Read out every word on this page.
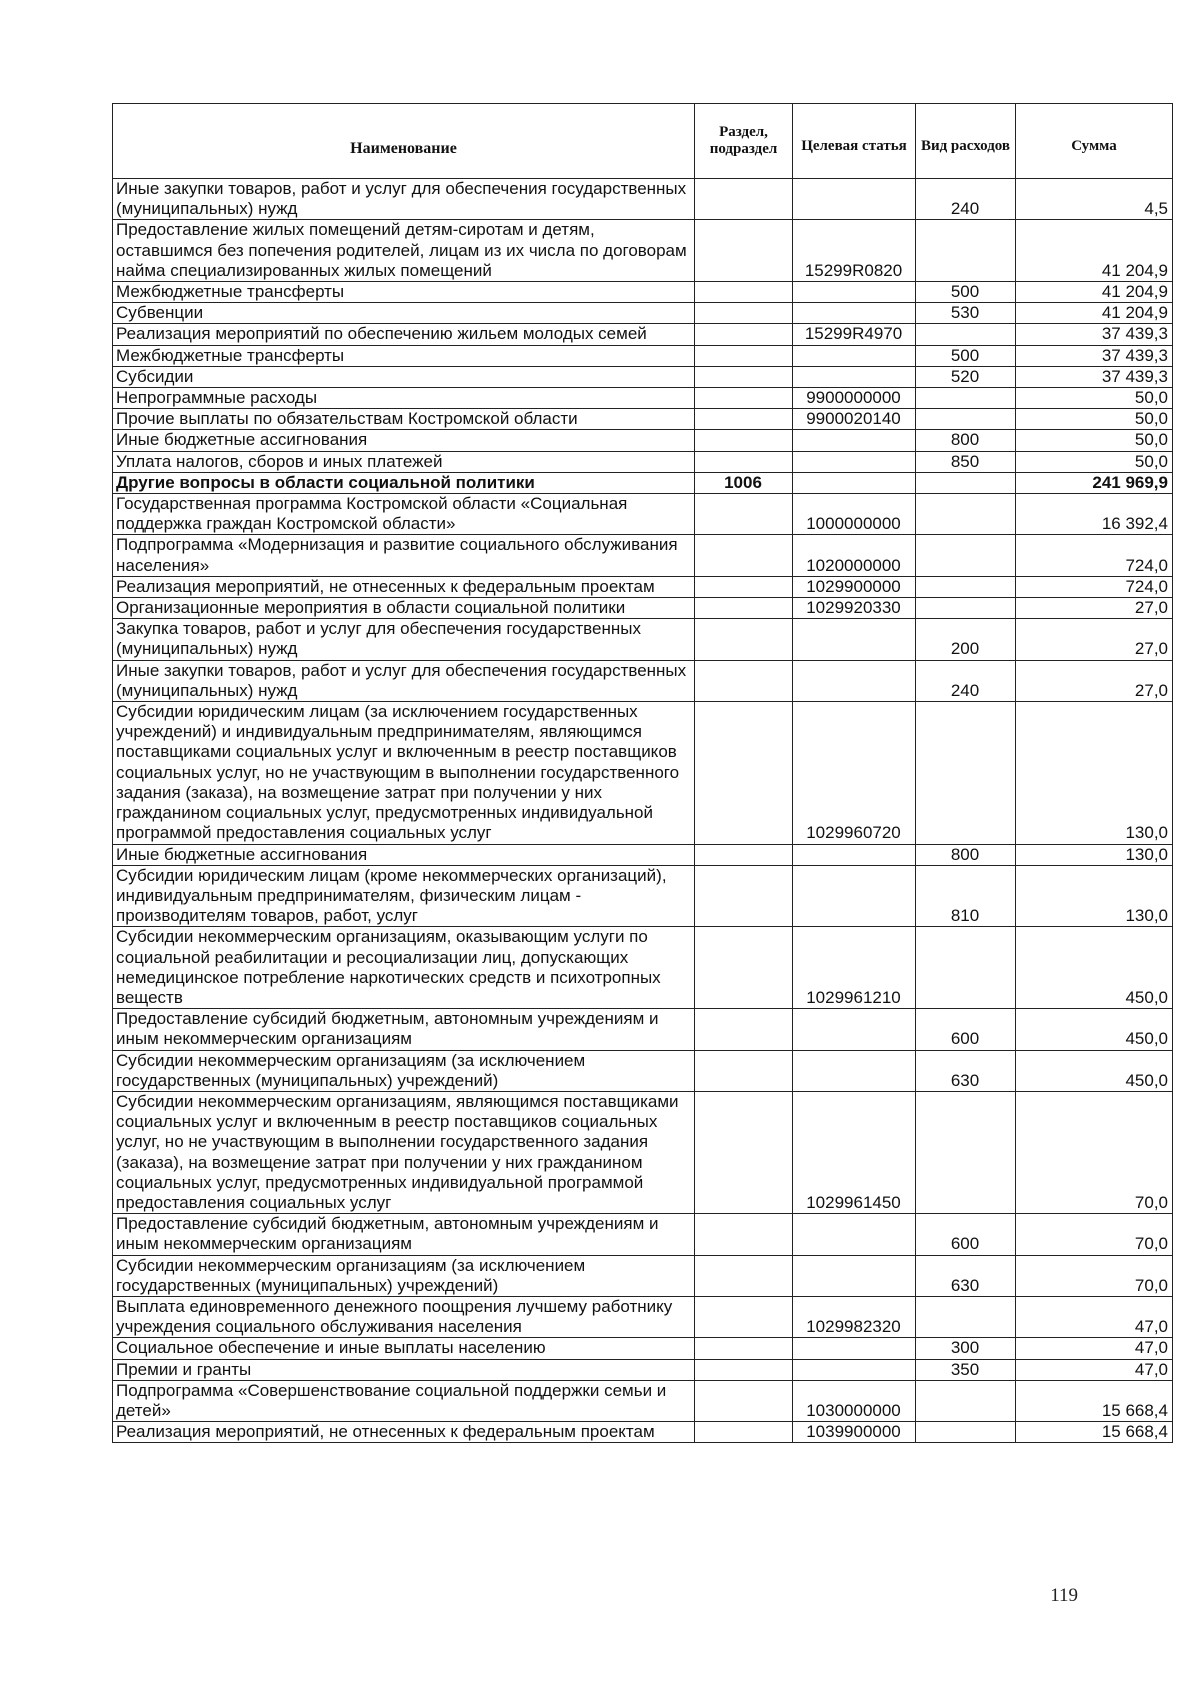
Наименование	Раздел, подраздел	Целевая статья	Вид расходов	Сумма
Иные закупки товаров, работ и услуг для обеспечения государственных (муниципальных) нужд			240	4,5
Предоставление жилых помещений детям-сиротам и детям, оставшимся без попечения родителей, лицам из их числа по договорам найма специализированных жилых помещений		15299R0820		41 204,9
Межбюджетные трансферты			500	41 204,9
Субвенции			530	41 204,9
Реализация мероприятий по обеспечению жильем молодых семей		15299R4970		37 439,3
Межбюджетные трансферты			500	37 439,3
Субсидии			520	37 439,3
Непрограммные расходы		9900000000		50,0
Прочие выплаты по обязательствам Костромской области		9900020140		50,0
Иные бюджетные ассигнования			800	50,0
Уплата налогов, сборов и иных платежей			850	50,0
Другие вопросы в области социальной политики	1006			241 969,9
Государственная программа Костромской области «Социальная поддержка граждан Костромской области»		1000000000		16 392,4
Подпрограмма «Модернизация и развитие социального обслуживания населения»		1020000000		724,0
Реализация мероприятий, не отнесенных к федеральным проектам		1029900000		724,0
Организационные мероприятия в области социальной политики		1029920330		27,0
Закупка товаров, работ и услуг для обеспечения государственных (муниципальных) нужд			200	27,0
Иные закупки товаров, работ и услуг для обеспечения государственных (муниципальных) нужд			240	27,0
Субсидии юридическим лицам (за исключением государственных учреждений) и индивидуальным предпринимателям, являющимся поставщиками социальных услуг и включенным в реестр поставщиков социальных услуг, но не участвующим в выполнении государственного задания (заказа), на возмещение затрат при получении у них гражданином социальных услуг, предусмотренных индивидуальной программой предоставления социальных услуг		1029960720		130,0
Иные бюджетные ассигнования			800	130,0
Субсидии юридическим лицам (кроме некоммерческих организаций), индивидуальным предпринимателям, физическим лицам - производителям товаров, работ, услуг			810	130,0
Субсидии некоммерческим организациям, оказывающим услуги по социальной реабилитации и ресоциализации лиц, допускающих немедицинское потребление наркотических средств и психотропных веществ		1029961210		450,0
Предоставление субсидий бюджетным, автономным учреждениям и иным некоммерческим организациям			600	450,0
Субсидии некоммерческим организациям (за исключением государственных (муниципальных) учреждений)			630	450,0
Субсидии некоммерческим организациям, являющимся поставщиками социальных услуг и включенным в реестр поставщиков социальных услуг, но не участвующим в выполнении государственного задания (заказа), на возмещение затрат при получении у них гражданином социальных услуг, предусмотренных индивидуальной программой предоставления социальных услуг		1029961450		70,0
Предоставление субсидий бюджетным, автономным учреждениям и иным некоммерческим организациям			600	70,0
Субсидии некоммерческим организациям (за исключением государственных (муниципальных) учреждений)			630	70,0
Выплата единовременного денежного поощрения лучшему работнику учреждения социального обслуживания населения		1029982320		47,0
Социальное обеспечение и иные выплаты населению			300	47,0
Премии и гранты			350	47,0
Подпрограмма «Совершенствование социальной поддержки семьи и детей»		1030000000		15 668,4
Реализация мероприятий, не отнесенных к федеральным проектам		1039900000		15 668,4
119
